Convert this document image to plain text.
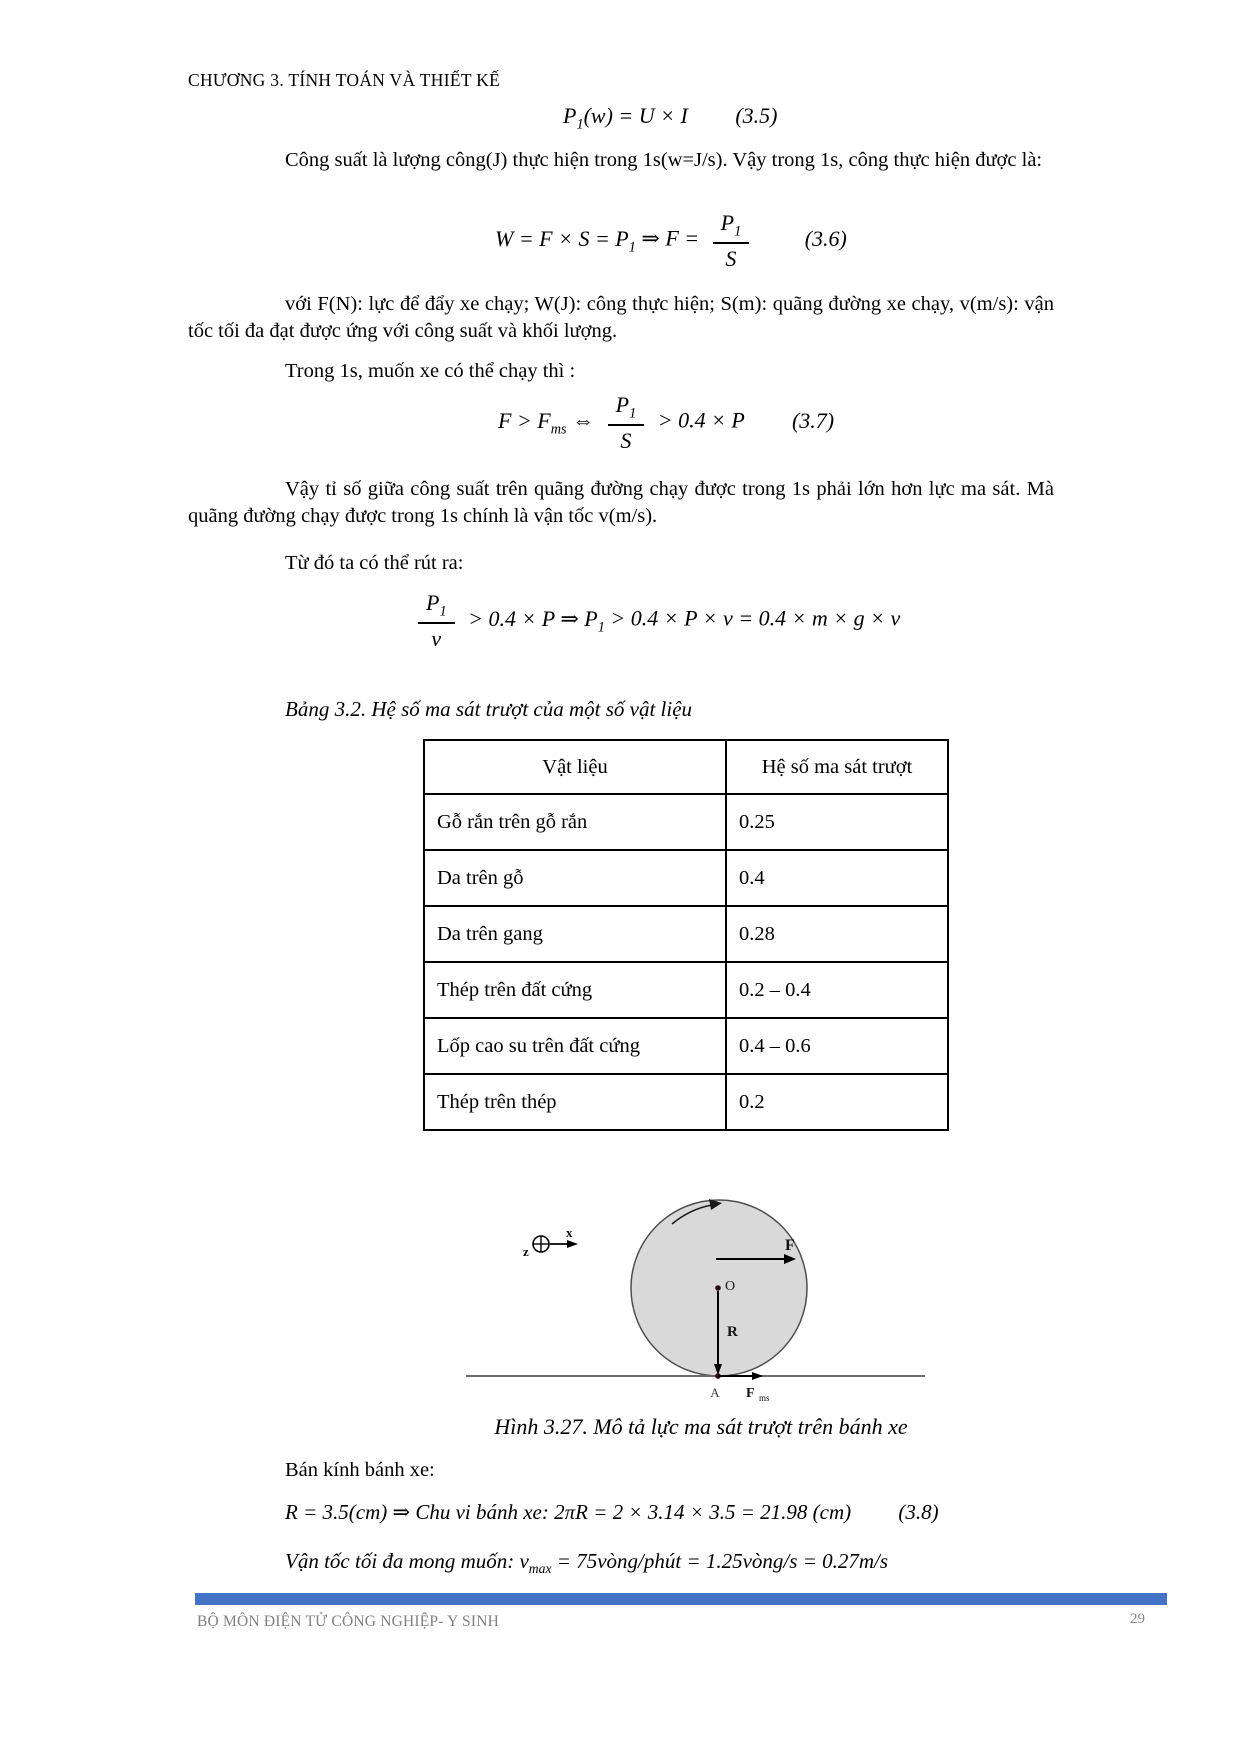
CHƯƠNG 3. TÍNH TOÁN VÀ THIẾT KẾ
$P_1(w) = U \times I$ (3.5)

Công suất là lượng công(J) thực hiện trong 1s(w=J/s). Vậy trong 1s, công thực hiện được là:

$W = F \times S = P_1$ ⇒ $F = \frac{P_1}{S}$	(3.6)

với F(N): lực để đẩy xe chạy; W(J): công thực hiện; S(m): quãng đường xe chạy, v(m/s): vận tốc tối đa đạt được ứng với công suất và khối lượng.

Trong 1s, muốn xe có thể chạy thì :

$F > F_{ms}$ ⇔ $\frac{P_1}{S} > 0.4 \times P$ (3.7)

Vậy tỉ số giữa công suất trên quãng đường chạy được trong 1s phải lớn hơn lực ma sát. Mà quãng đường chạy được trong 1s chính là vận tốc v(m/s).

Từ đó ta có thể rút ra:

$\frac{P_1}{v} > 0.4 \times P$ ⇒ $P_1 > 0.4 \times P \times v = 0.4 \times m \times g \times v$
Bảng 3.2. Hệ số ma sát trượt của một số vật liệu
Vật liệu	Hệ số ma sát trượt
Gỗ rắn trên gỗ rắn	0.25
Da trên gỗ	0.4
Da trên gang	0.28
Thép trên đất cứng	0.2 – 0.4
Lốp cao su trên đất cứng	0.4 – 0.6
Thép trên thép	0.2
F
O
R
A F ms
x
z
Hình 3.27. Mô tả lực ma sát trượt trên bánh xe
Bán kính bánh xe:
R = 3.5(cm) ⇒ Chu vi bánh xe: 2πR = 2 × 3.14 × 3.5 = 21.98 (cm) (3.8)
Vận tốc tối đa mong muốn: $v_{max}$ = 75vòng/phút = 1.25vòng/s = 0.27m/s
BỘ MÔN ĐIỆN TỬ CÔNG NGHIỆP- Y SINH	29
